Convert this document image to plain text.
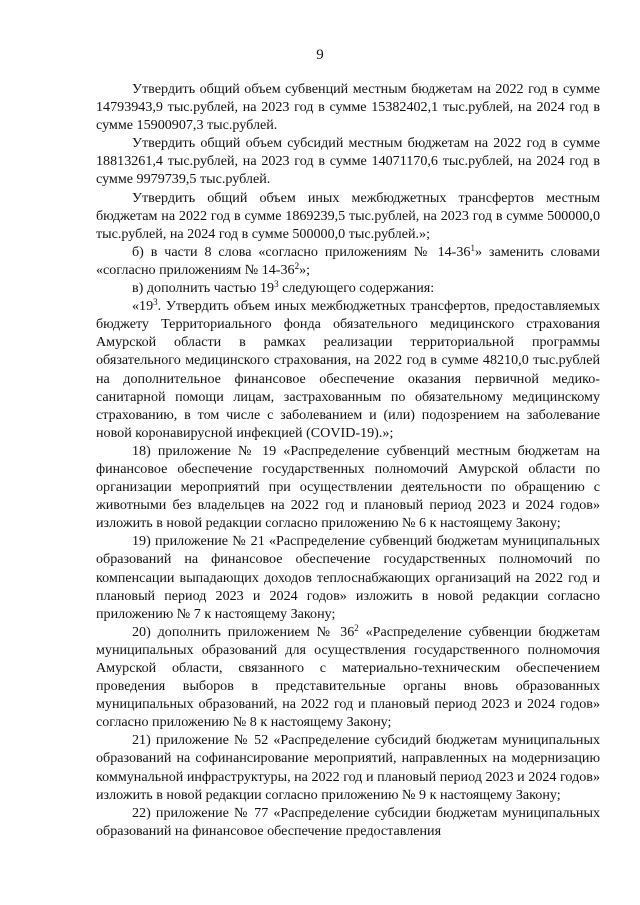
9

Утвердить общий объем субвенций местным бюджетам на 2022 год в сумме 14793943,9 тыс.рублей, на 2023 год в сумме 15382402,1 тыс.рублей, на 2024 год в сумме 15900907,3 тыс.рублей.

Утвердить общий объем субсидий местным бюджетам на 2022 год в сумме 18813261,4 тыс.рублей, на 2023 год в сумме 14071170,6 тыс.рублей, на 2024 год в сумме 9979739,5 тыс.рублей.

Утвердить общий объем иных межбюджетных трансфертов местным бюджетам на 2022 год в сумме 1869239,5 тыс.рублей, на 2023 год в сумме 500000,0 тыс.рублей, на 2024 год в сумме 500000,0 тыс.рублей.»;

б) в части 8 слова «согласно приложениям № $14-36^1$» заменить словами «согласно приложениям № $14-36^2$»;

в) дополнить частью $19^3$ следующего содержания:

«$19^3$. Утвердить объем иных межбюджетных трансфертов, предоставляемых бюджету Территориального фонда обязательного медицинского страхования Амурской области в рамках реализации территориальной программы обязательного медицинского страхования, на 2022 год в сумме 48210,0 тыс.рублей на дополнительное финансовое обеспечение оказания первичной медико-санитарной помощи лицам, застрахованным по обязательному медицинскому страхованию, в том числе с заболеванием и (или) подозрением на заболевание новой коронавирусной инфекцией (COVID-19).»;

18) приложение № 19 «Распределение субвенций местным бюджетам на финансовое обеспечение государственных полномочий Амурской области по организации мероприятий при осуществлении деятельности по обращению с животными без владельцев на 2022 год и плановый период 2023 и 2024 годов» изложить в новой редакции согласно приложению № 6 к настоящему Закону;

19) приложение № 21 «Распределение субвенций бюджетам муниципальных образований на финансовое обеспечение государственных полномочий по компенсации выпадающих доходов теплоснабжающих организаций на 2022 год и плановый период 2023 и 2024 годов» изложить в новой редакции согласно приложению № 7 к настоящему Закону;

20) дополнить приложением № $36^2$ «Распределение субвенции бюджетам муниципальных образований для осуществления государственного полномочия Амурской области, связанного с материально-техническим обеспечением проведения выборов в представительные органы вновь образованных муниципальных образований, на 2022 год и плановый период 2023 и 2024 годов» согласно приложению № 8 к настоящему Закону;

21) приложение № 52 «Распределение субсидий бюджетам муниципальных образований на софинансирование мероприятий, направленных на модернизацию коммунальной инфраструктуры, на 2022 год и плановый период 2023 и 2024 годов» изложить в новой редакции согласно приложению № 9 к настоящему Закону;

22) приложение № 77 «Распределение субсидии бюджетам муниципальных образований на финансовое обеспечение предоставления
